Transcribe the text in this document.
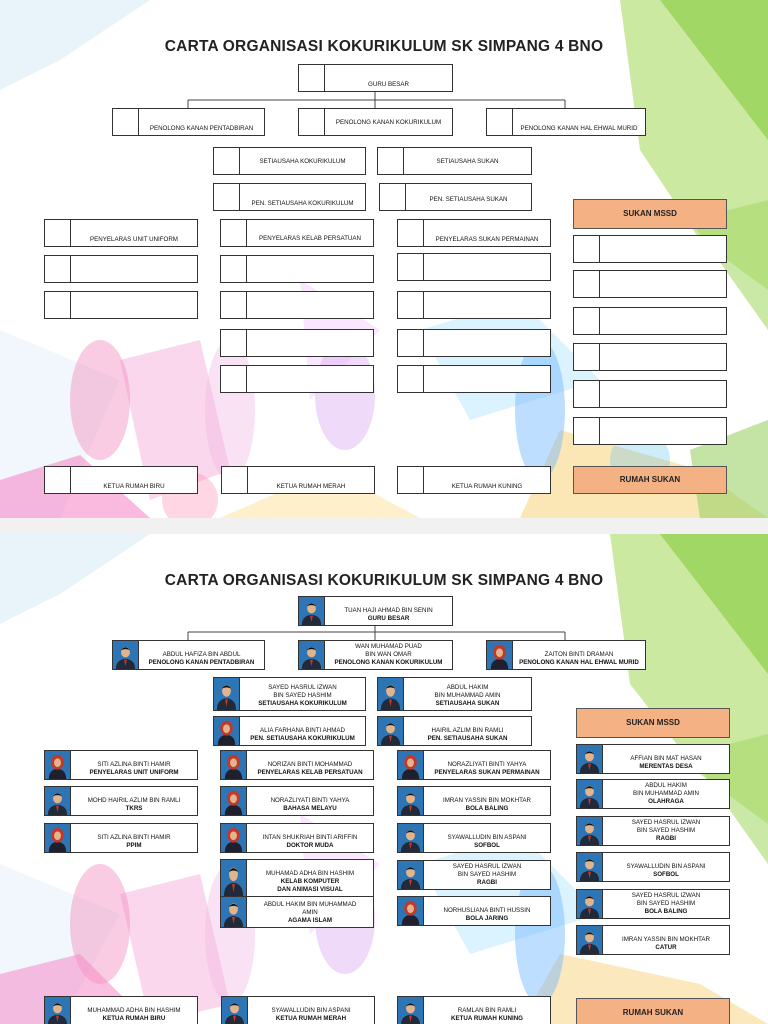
CARTA ORGANISASI KOKURIKULUM SK SIMPANG 4 BNO
GURU BESAR
PENOLONG KANAN PENTADBIRAN
PENOLONG KANAN KOKURIKULUM
PENOLONG KANAN HAL EHWAL MURID
SETIAUSAHA KOKURIKULUM	SETIAUSAHA SUKAN
PEN. SETIAUSAHA KOKURIKULUM
PEN. SETIAUSAHA SUKAN
PENYELARAS UNIT UNIFORM	PENYELARAS KELAB PERSATUAN	PENYELARAS SUKAN PERMAINAN
SUKAN MSSD
KETUA RUMAH BIRU	KETUA RUMAH MERAH	KETUA RUMAH KUNING
RUMAH SUKAN
CARTA ORGANISASI KOKURIKULUM SK SIMPANG 4 BNO
TUAN HAJI AHMAD BIN SENIN
GURU BESAR
ABDUL HAFIZA BIN ABDUL
PENOLONG KANAN PENTADBIRAN
WAN MUHAMAD PUAD
BIN WAN OMAR
PENOLONG KANAN KOKURIKULUM
ZAITON BINTI DRAMAN
PENOLONG KANAN HAL EHWAL MURID
SAYED HASRUL IZWAN
BIN SAYED HASHIM
SETIAUSAHA KOKURIKULUM
ABDUL HAKIM
BIN MUHAMMAD AMIN
SETIAUSAHA SUKAN
ALIA FARHANA BINTI AHMAD
PEN. SETIAUSAHA KOKURIKULUM
HAIRIL AZLIM BIN RAMLI
PEN. SETIAUSAHA SUKAN
SITI AZLINA BINTI HAMIR
PENYELARAS UNIT UNIFORM
MOHD HAIRIL AZLIM BIN RAMLI
TKRS
SITI AZLINA BINTI HAMIR
PPIM
NORIZAN BINTI MOHAMMAD
PENYELARAS KELAB PERSATUAN
NORAZLIYATI BINTI YAHYA
BAHASA MELAYU
INTAN SHUKRIAH BINTI ARIFFIN
DOKTOR MUDA
MUHAMAD ADHA BIN HASHIM
KELAB KOMPUTER
DAN ANIMASI VISUAL
ABDUL HAKIM BIN MUHAMMAD
AMIN
AGAMA ISLAM
NORAZLIYATI BINTI YAHYA
PENYELARAS SUKAN PERMAINAN
IMRAN YASSIN BIN MOKHTAR
BOLA BALING
SYAWALLUDIN BIN ASPANI
SOFBOL
SAYED HASRUL IZWAN
BIN SAYED HASHIM
RAGBI
NORHUSLIANA BINTI HUSSIN
BOLA JARING
AFFIAN BIN MAT HASAN
MERENTAS DESA
ABDUL HAKIM
BIN MUHAMMAD AMIN
OLAHRAGA
SAYED HASRUL IZWAN
BIN SAYED HASHIM
RAGBI
SYAWALLUDIN BIN ASPANI
SOFBOL
SAYED HASRUL IZWAN
BIN SAYED HASHIM
BOLA BALING
IMRAN YASSIN BIN MOKHTAR
CATUR
MUHAMMAD ADHA BIN HASHIM
KETUA RUMAH BIRU
SYAWALLUDIN BIN ASPANI
KETUA RUMAH MERAH
RAMLAN BIN RAMLI
KETUA RUMAH KUNING
SUKAN MSSD
RUMAH SUKAN
